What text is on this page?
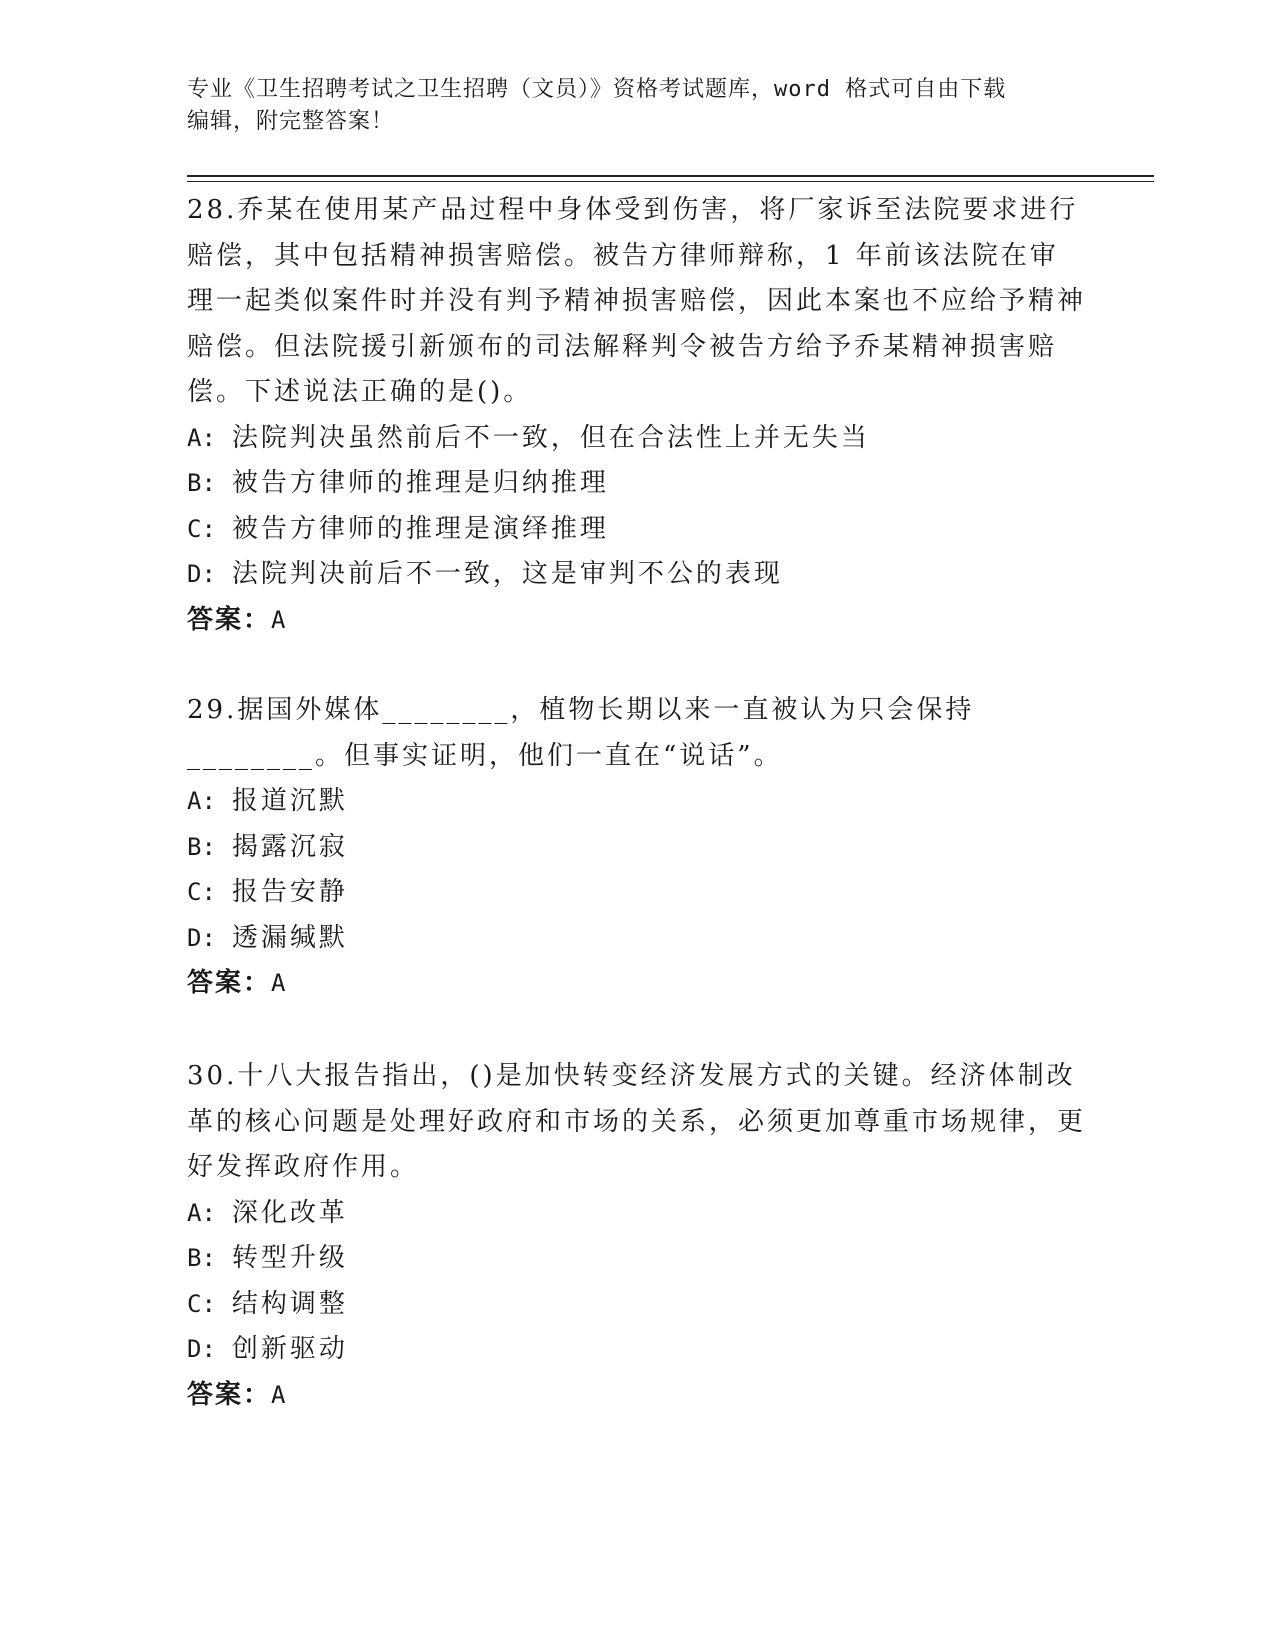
专业《卫生招聘考试之卫生招聘（文员）》资格考试题库，word 格式可自由下载
编辑，附完整答案！

28.乔某在使用某产品过程中身体受到伤害，将厂家诉至法院要求进行赔偿，其中包括精神损害赔偿。被告方律师辩称，1 年前该法院在审理一起类似案件时并没有判予精神损害赔偿，因此本案也不应给予精神赔偿。但法院援引新颁布的司法解释判令被告方给予乔某精神损害赔偿。下述说法正确的是()。

A: 法院判决虽然前后不一致，但在合法性上并无失当

B: 被告方律师的推理是归纳推理

C: 被告方律师的推理是演绎推理

D: 法院判决前后不一致，这是审判不公的表现

答案：A

29.据国外媒体________，植物长期以来一直被认为只会保持________。但事实证明，他们一直在“说话”。

A: 报道沉默

B: 揭露沉寂

C: 报告安静

D: 透漏缄默

答案：A

30.十八大报告指出，()是加快转变经济发展方式的关键。经济体制改革的核心问题是处理好政府和市场的关系，必须更加尊重市场规律，更好发挥政府作用。

A: 深化改革

B: 转型升级

C: 结构调整

D: 创新驱动

答案：A
